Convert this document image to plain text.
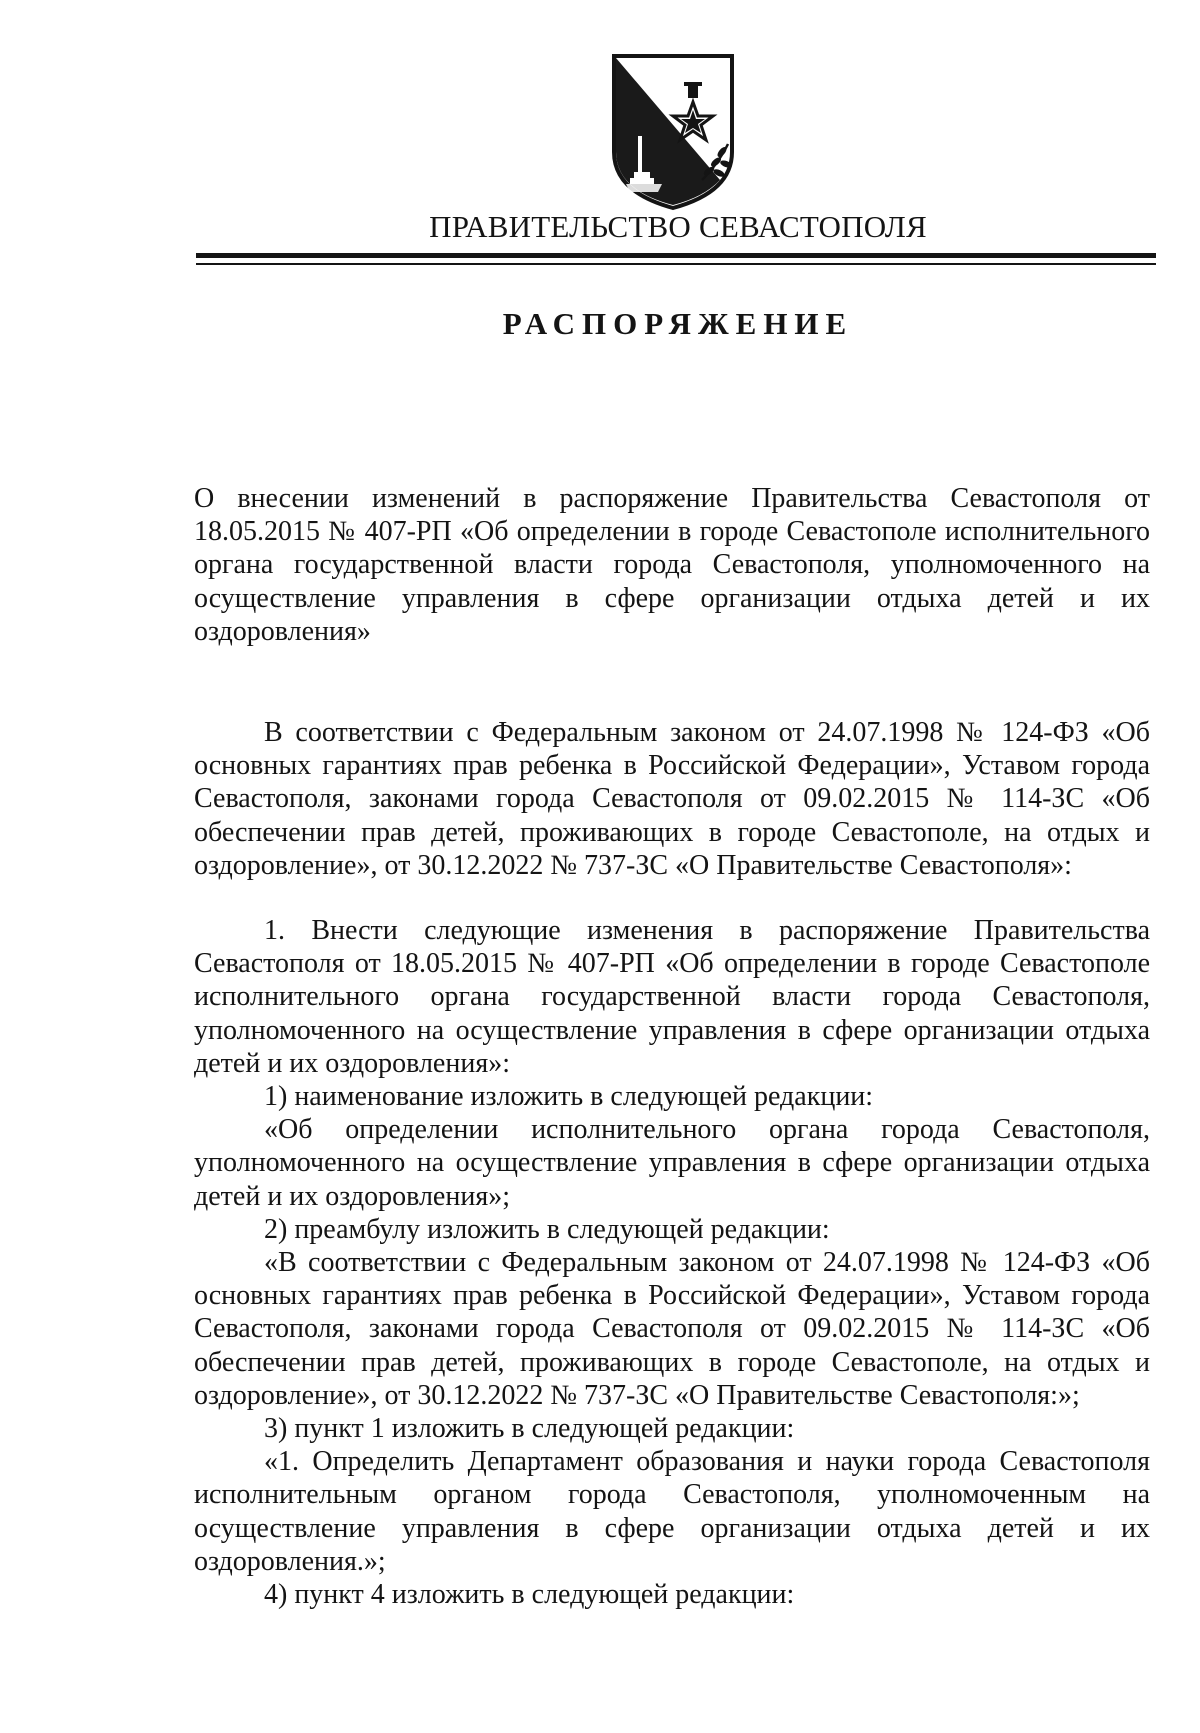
ПРАВИТЕЛЬСТВО СЕВАСТОПОЛЯ
РАСПОРЯЖЕНИЕ

О внесении изменений в распоряжение Правительства Севастополя от 18.05.2015 № 407-РП «Об определении в городе Севастополе исполнительного органа государственной власти города Севастополя, уполномоченного на осуществление управления в сфере организации отдыха детей и их оздоровления»

В соответствии с Федеральным законом от 24.07.1998 № 124-ФЗ «Об основных гарантиях прав ребенка в Российской Федерации», Уставом города Севастополя, законами города Севастополя от 09.02.2015 № 114-ЗС «Об обеспечении прав детей, проживающих в городе Севастополе, на отдых и оздоровление», от 30.12.2022 № 737-ЗС «О Правительстве Севастополя»:

1. Внести следующие изменения в распоряжение Правительства Севастополя от 18.05.2015 № 407-РП «Об определении в городе Севастополе исполнительного органа государственной власти города Севастополя, уполномоченного на осуществление управления в сфере организации отдыха детей и их оздоровления»:

1) наименование изложить в следующей редакции:

«Об определении исполнительного органа города Севастополя, уполномоченного на осуществление управления в сфере организации отдыха детей и их оздоровления»;

2) преамбулу изложить в следующей редакции:

«В соответствии с Федеральным законом от 24.07.1998 № 124-ФЗ «Об основных гарантиях прав ребенка в Российской Федерации», Уставом города Севастополя, законами города Севастополя от 09.02.2015 № 114-ЗС «Об обеспечении прав детей, проживающих в городе Севастополе, на отдых и оздоровление», от 30.12.2022 № 737-ЗС «О Правительстве Севастополя:»;

3) пункт 1 изложить в следующей редакции:

«1. Определить Департамент образования и науки города Севастополя исполнительным органом города Севастополя, уполномоченным на осуществление управления в сфере организации отдыха детей и их оздоровления.»;

4) пункт 4 изложить в следующей редакции:
